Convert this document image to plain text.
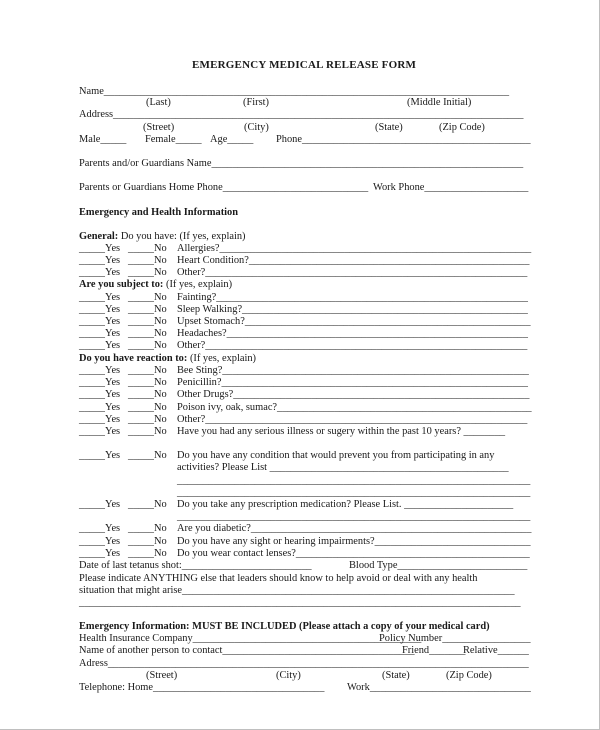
EMERGENCY MEDICAL RELEASE FORM
Name______________________________________________________________________________
(Last)	(First)	(Middle Initial)
Address_______________________________________________________________________________
(Street)	(City)	(State)	(Zip Code)
Male_____ Female_____ Age_____ Phone____________________________________________
Parents and/or Guardians Name____________________________________________________________
Parents or Guardians Home Phone____________________________ Work Phone____________________
Emergency and Health Information
General: Do you have: (If yes, explain)
_____Yes _____No Allergies?____________________________________________________________
_____Yes _____No Heart Condition?______________________________________________________
_____Yes _____No Other?______________________________________________________________
Are you subject to: (If yes, explain)
_____Yes _____No Fainting?____________________________________________________________
_____Yes _____No Sleep Walking?_______________________________________________________
_____Yes _____No Upset Stomach?_______________________________________________________
_____Yes _____No Headaches?__________________________________________________________
_____Yes _____No Other?______________________________________________________________
Do you have reaction to: (If yes, explain)
_____Yes _____No Bee Sting?___________________________________________________________
_____Yes _____No Penicillin?___________________________________________________________
_____Yes _____No Other Drugs?_________________________________________________________
_____Yes _____No Poison ivy, oak, sumac?_________________________________________________
_____Yes _____No Other?______________________________________________________________
_____Yes _____No Have you had any serious illness or sugery within the past 10 years? ________
_____Yes _____No Do you have any condition that would prevent you from participating in any
activities? Please List ______________________________________________
____________________________________________________________________
____________________________________________________________________
_____Yes _____No Do you take any prescription medication? Please List. _____________________
____________________________________________________________________
_____Yes _____No Are you diabetic?______________________________________________________
_____Yes _____No Do you have any sight or hearing impairments?______________________________
_____Yes _____No Do you wear contact lenses?_____________________________________________
Date of last tetanus shot:_________________________	Blood Type_________________________
Please indicate ANYTHING else that leaders should know to help avoid or deal with any health
situation that might arise________________________________________________________________
_____________________________________________________________________________________
Emergency Information: MUST BE INCLUDED (Please attach a copy of your medical card)
Health Insurance Company____________________________________________
Policy Number_________________
Name of another person to contact_____________________________________
Friend_______
Relative______
Adress_________________________________________________________________________________
(Street)	(City)	(State)	(Zip Code)
Telephone: Home_________________________________ Work_______________________________
